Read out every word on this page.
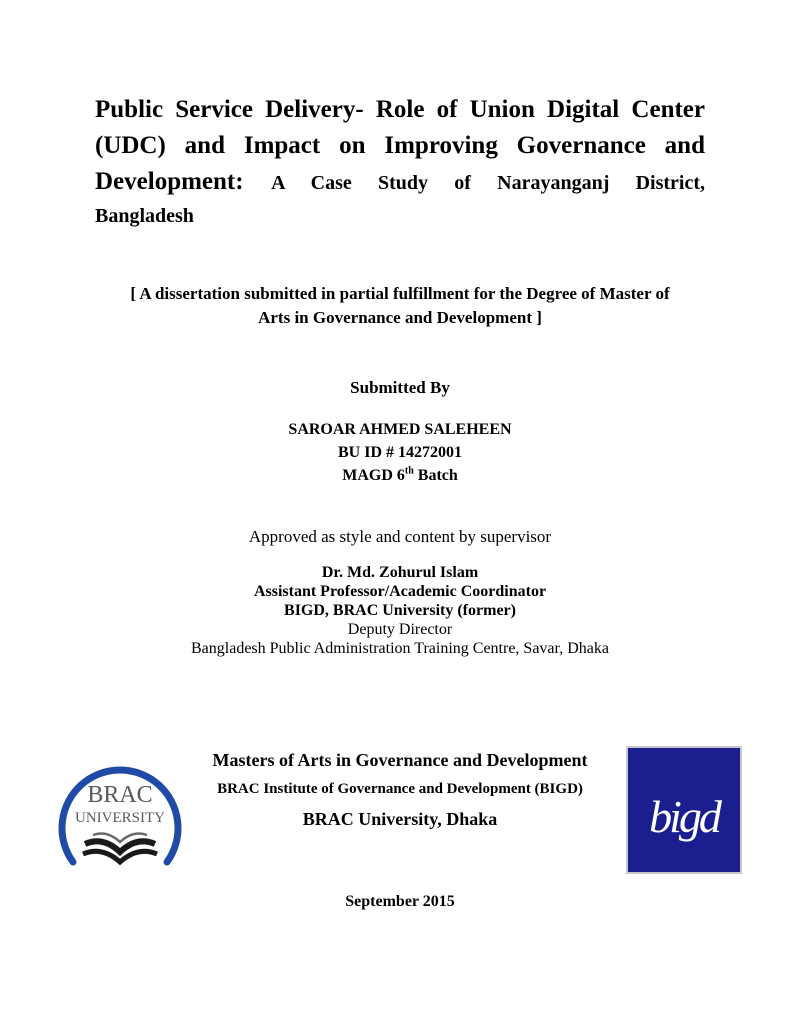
Public Service Delivery- Role of Union Digital Center
(UDC) and Impact on Improving Governance and
Development: A Case Study of Narayanganj District,
Bangladesh
[ A dissertation submitted in partial fulfillment for the Degree of Master of
Arts in Governance and Development ]
Submitted By
SAROAR AHMED SALEHEEN
BU ID # 14272001
MAGD 6th Batch
Approved as style and content by supervisor
Dr. Md. Zohurul Islam
Assistant Professor/Academic Coordinator
BIGD, BRAC University (former)
Deputy Director
Bangladesh Public Administration Training Centre, Savar, Dhaka
BRAC
UNIVERSITY
Masters of Arts in Governance and Development
BRAC Institute of Governance and Development (BIGD)
BRAC University, Dhaka	bigd
September 2015
